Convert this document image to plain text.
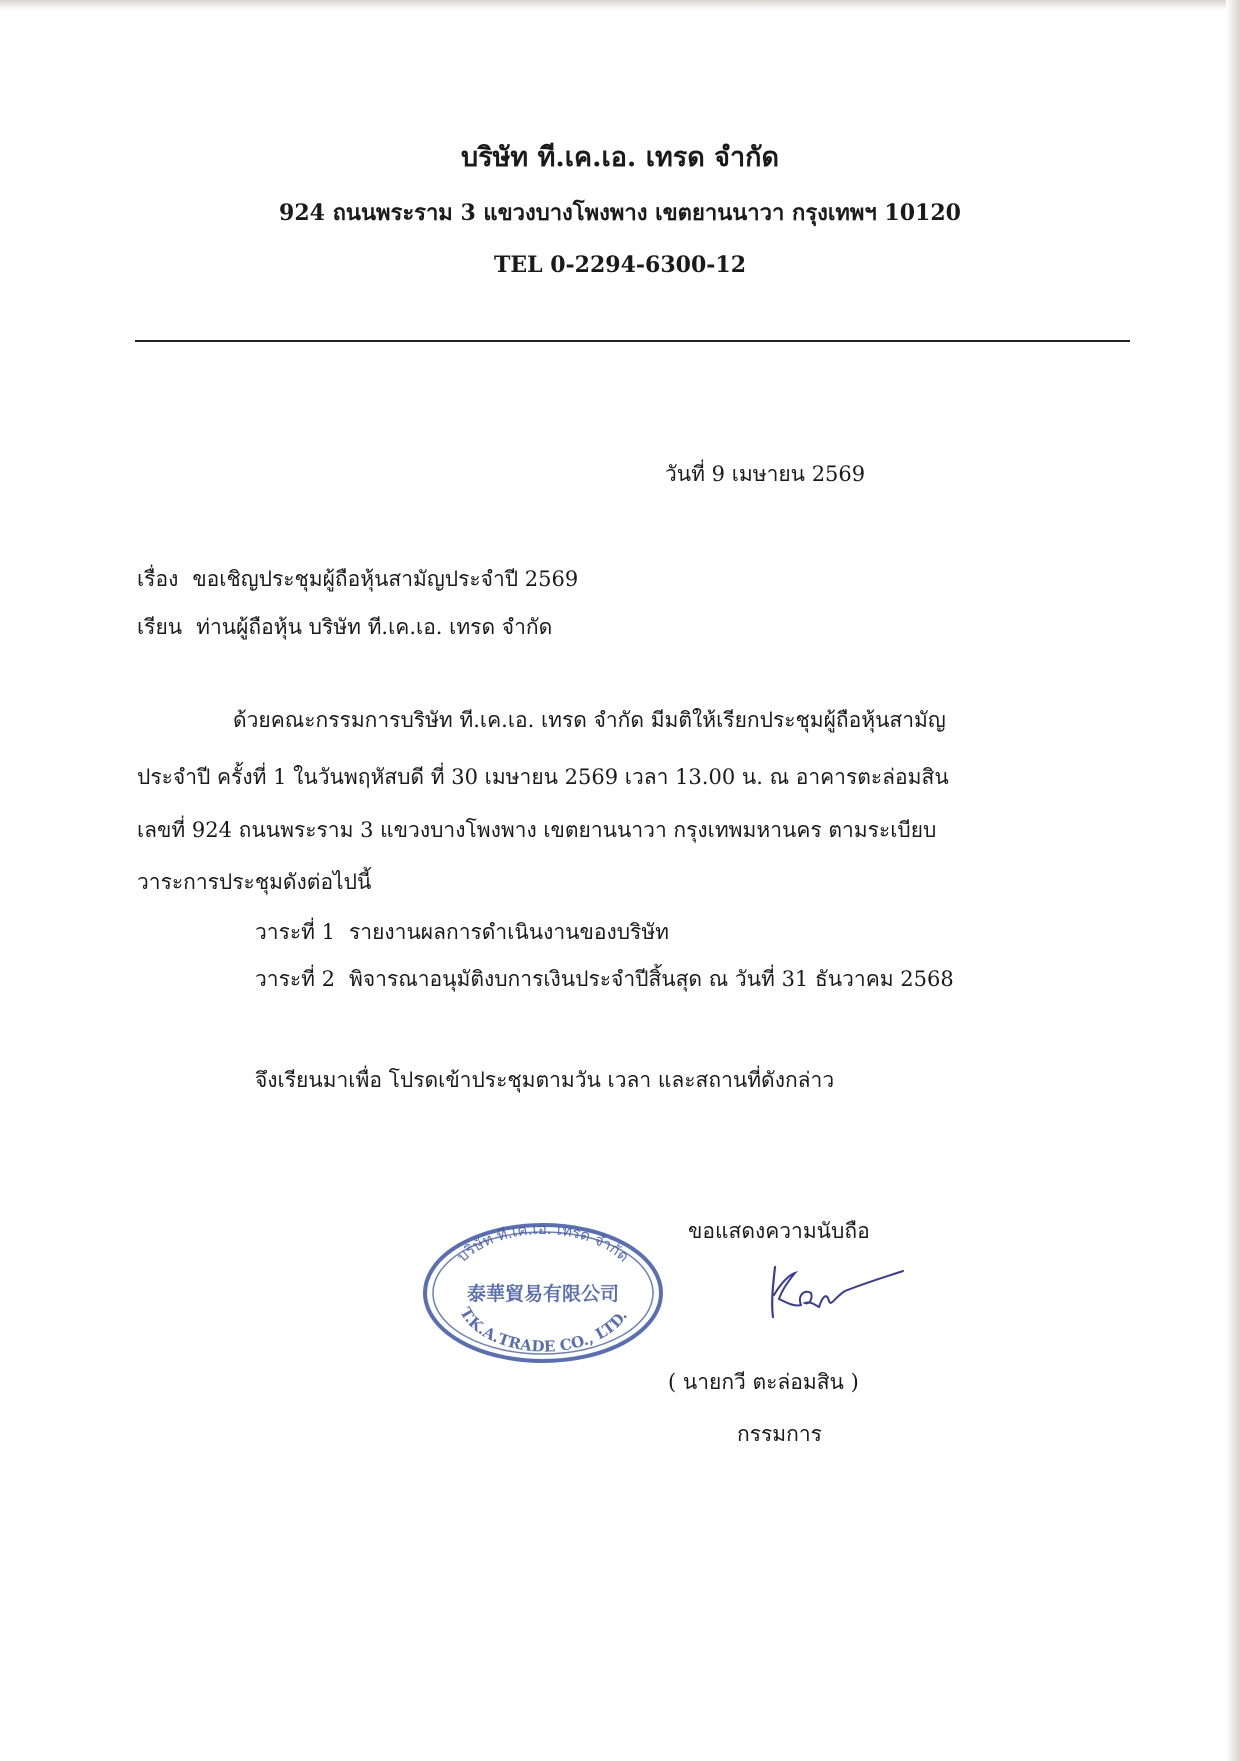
บริษัท ที.เค.เอ. เทรด จำกัด
924 ถนนพระราม 3 แขวงบางโพงพาง เขตยานนาวา กรุงเทพฯ 10120
TEL 0-2294-6300-12
วันที่ 9 เมษายน 2569
เรื่อง ขอเชิญประชุมผู้ถือหุ้นสามัญประจำปี 2569
เรียน ท่านผู้ถือหุ้น บริษัท ที.เค.เอ. เทรด จำกัด
ด้วยคณะกรรมการบริษัท ที.เค.เอ. เทรด จำกัด มีมติให้เรียกประชุมผู้ถือหุ้นสามัญ
ประจำปี ครั้งที่ 1 ในวันพฤหัสบดี ที่ 30 เมษายน 2569 เวลา 13.00 น. ณ อาคารตะล่อมสิน
เลขที่ 924 ถนนพระราม 3 แขวงบางโพงพาง เขตยานนาวา กรุงเทพมหานคร ตามระเบียบ
วาระการประชุมดังต่อไปนี้
วาระที่ 1 รายงานผลการดำเนินงานของบริษัท
วาระที่ 2 พิจารณาอนุมัติงบการเงินประจำปีสิ้นสุด ณ วันที่ 31 ธันวาคม 2568
จึงเรียนมาเพื่อ โปรดเข้าประชุมตามวัน เวลา และสถานที่ดังกล่าว
ขอแสดงความนับถือ
บริษัท ที.เค.เอ. เทรด จำกัด
泰華貿易有限公司
T.K.A.TRADE CO., LTD.
( นายกวี ตะล่อมสิน )
กรรมการ
